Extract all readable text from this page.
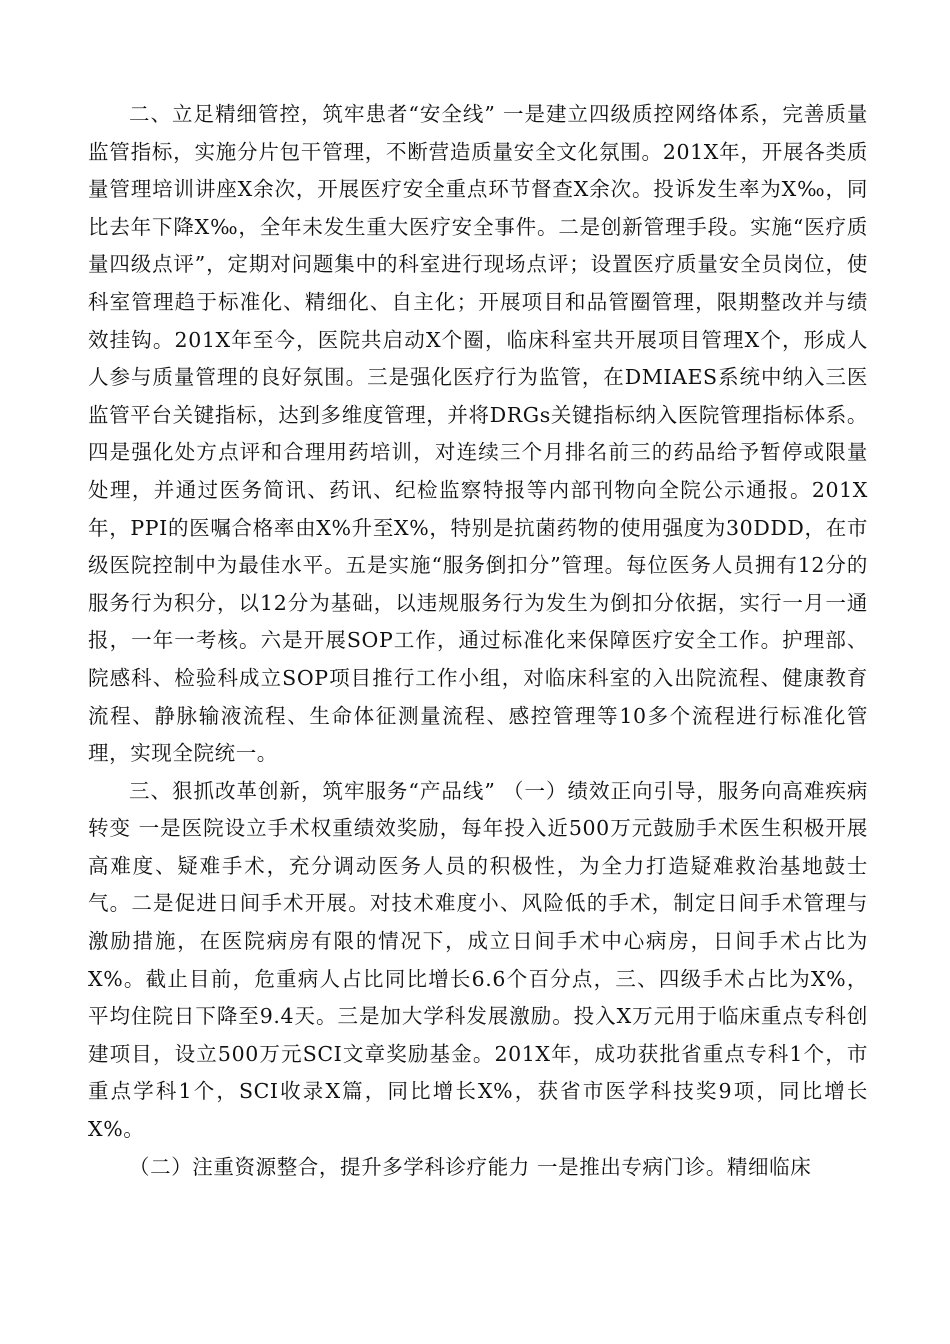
二、立足精细管控，筑牢患者“安全线” 一是建立四级质控网络体系，完善质量监管指标，实施分片包干管理，不断营造质量安全文化氛围。201X年，开展各类质量管理培训讲座X余次，开展医疗安全重点环节督查X余次。投诉发生率为X‰，同比去年下降X‰，全年未发生重大医疗安全事件。二是创新管理手段。实施“医疗质量四级点评”，定期对问题集中的科室进行现场点评；设置医疗质量安全员岗位，使科室管理趋于标准化、精细化、自主化；开展项目和品管圈管理，限期整改并与绩效挂钩。201X年至今，医院共启动X个圈，临床科室共开展项目管理X个，形成人人参与质量管理的良好氛围。三是强化医疗行为监管，在DMIAES系统中纳入三医监管平台关键指标，达到多维度管理，并将DRGs关键指标纳入医院管理指标体系。四是强化处方点评和合理用药培训，对连续三个月排名前三的药品给予暂停或限量处理，并通过医务简讯、药讯、纪检监察特报等内部刊物向全院公示通报。201X年，PPI的医嘱合格率由X%升至X%，特别是抗菌药物的使用强度为30DDD，在市级医院控制中为最佳水平。五是实施“服务倒扣分”管理。每位医务人员拥有12分的服务行为积分，以12分为基础，以违规服务行为发生为倒扣分依据，实行一月一通报，一年一考核。六是开展SOP工作，通过标准化来保障医疗安全工作。护理部、院感科、检验科成立SOP项目推行工作小组，对临床科室的入出院流程、健康教育流程、静脉输液流程、生命体征测量流程、感控管理等10多个流程进行标准化管理，实现全院统一。

三、狠抓改革创新，筑牢服务“产品线” （一）绩效正向引导，服务向高难疾病转变 一是医院设立手术权重绩效奖励，每年投入近500万元鼓励手术医生积极开展高难度、疑难手术，充分调动医务人员的积极性，为全力打造疑难救治基地鼓士气。二是促进日间手术开展。对技术难度小、风险低的手术，制定日间手术管理与激励措施，在医院病房有限的情况下，成立日间手术中心病房，日间手术占比为X%。截止目前，危重病人占比同比增长6.6个百分点，三、四级手术占比为X%，平均住院日下降至9.4天。三是加大学科发展激励。投入X万元用于临床重点专科创建项目，设立500万元SCI文章奖励基金。201X年，成功获批省重点专科1个，市重点学科1个，SCI收录X篇，同比增长X%，获省市医学科技奖9项，同比增长X%。

（二）注重资源整合，提升多学科诊疗能力 一是推出专病门诊。精细临床
